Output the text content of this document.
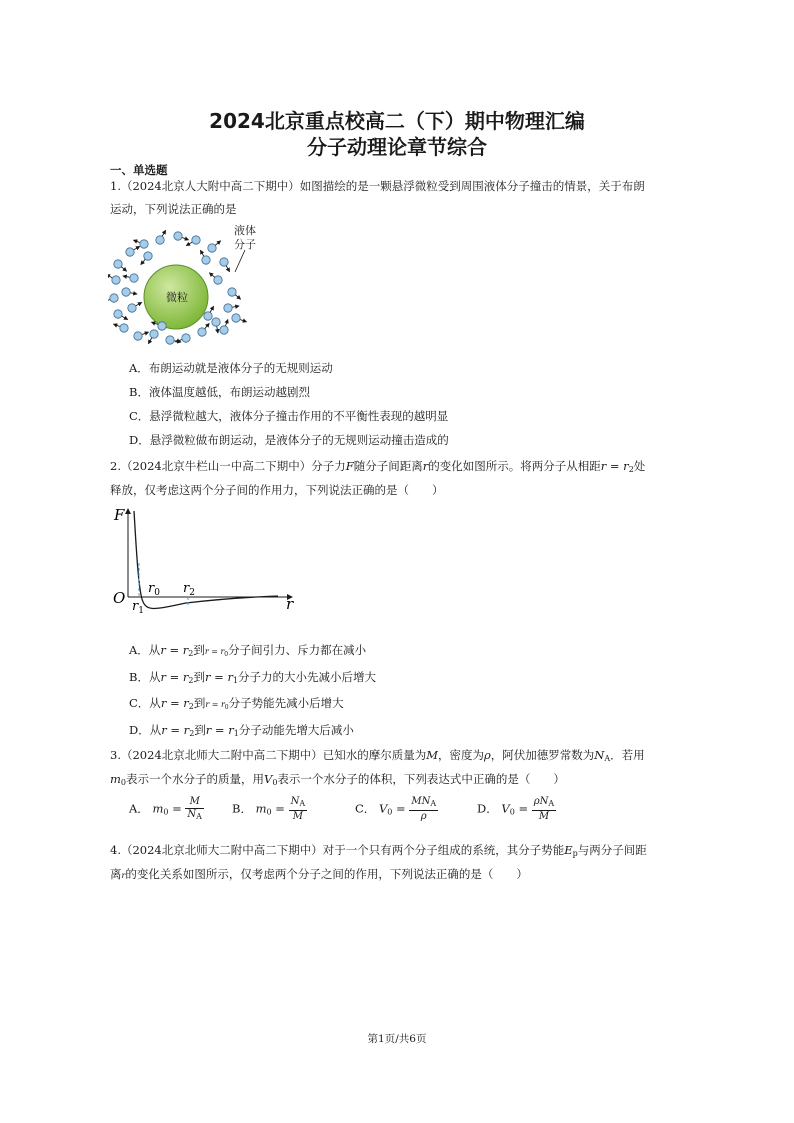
2024北京重点校高二（下）期中物理汇编
分子动理论章节综合
一、单选题
1.（2024北京人大附中高二下期中）如图描绘的是一颗悬浮微粒受到周围液体分子撞击的情景，关于布朗
运动，下列说法正确的是
微粒
液体
分子
A．布朗运动就是液体分子的无规则运动
B．液体温度越低，布朗运动越剧烈
C．悬浮微粒越大，液体分子撞击作用的不平衡性表现的越明显
D．悬浮微粒做布朗运动，是液体分子的无规则运动撞击造成的
2.（2024北京牛栏山一中高二下期中）分子力F随分子间距离r的变化如图所示。将两分子从相距$r = r_2$处
释放，仅考虑这两个分子间的作用力，下列说法正确的是（　　）
F
O	r
$r_0$ $r_2$
$r_1$
A．从$r = r_2$到$r = r_0$分子间引力、斥力都在减小
B．从$r = r_2$到$r = r_1$分子力的大小先减小后增大
C．从$r = r_2$到$r = r_0$分子势能先减小后增大
D．从$r = r_2$到$r = r_1$分子动能先增大后减小
3.（2024北京北师大二附中高二下期中）已知水的摩尔质量为M，密度为ρ，阿伏加德罗常数为$N_A$．若用
$m_0$表示一个水分子的质量，用$V_0$表示一个水分子的体积，下列表达式中正确的是（　　）
A． $m_0 = \frac{M}{N_A}$ B． $m_0 = \frac{N_A}{M}$	C． $V_0 = \frac{MN_A}{\rho}$	D． $V_0 = \frac{\rho N_A}{M}$
4.（2024北京北师大二附中高二下期中）对于一个只有两个分子组成的系统，其分子势能$E_p$与两分子间距
离r的变化关系如图所示，仅考虑两个分子之间的作用，下列说法正确的是（　　）
第1页/共6页
